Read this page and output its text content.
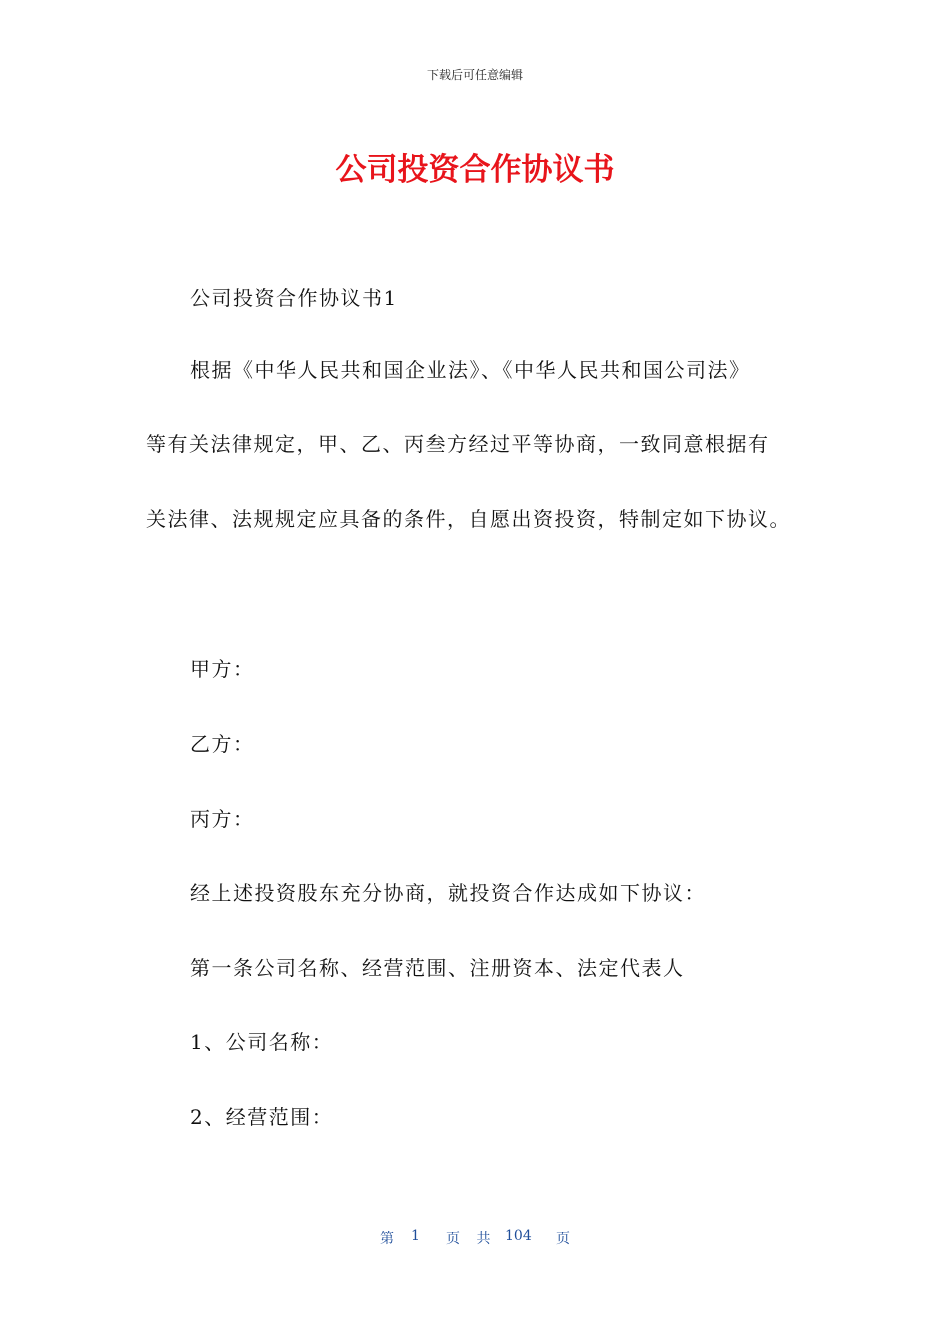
下载后可任意编辑
公司投资合作协议书
公司投资合作协议书1
根据《中华人民共和国企业法》、《中华人民共和国公司法》
等有关法律规定，甲、乙、丙叁方经过平等协商，一致同意根据有
关法律、法规规定应具备的条件，自愿出资投资，特制定如下协议。
甲方：
乙方：
丙方：
经上述投资股东充分协商，就投资合作达成如下协议：
第一条公司名称、经营范围、注册资本、法定代表人
1、公司名称：
2、经营范围：
第 1 页 共 104 页
